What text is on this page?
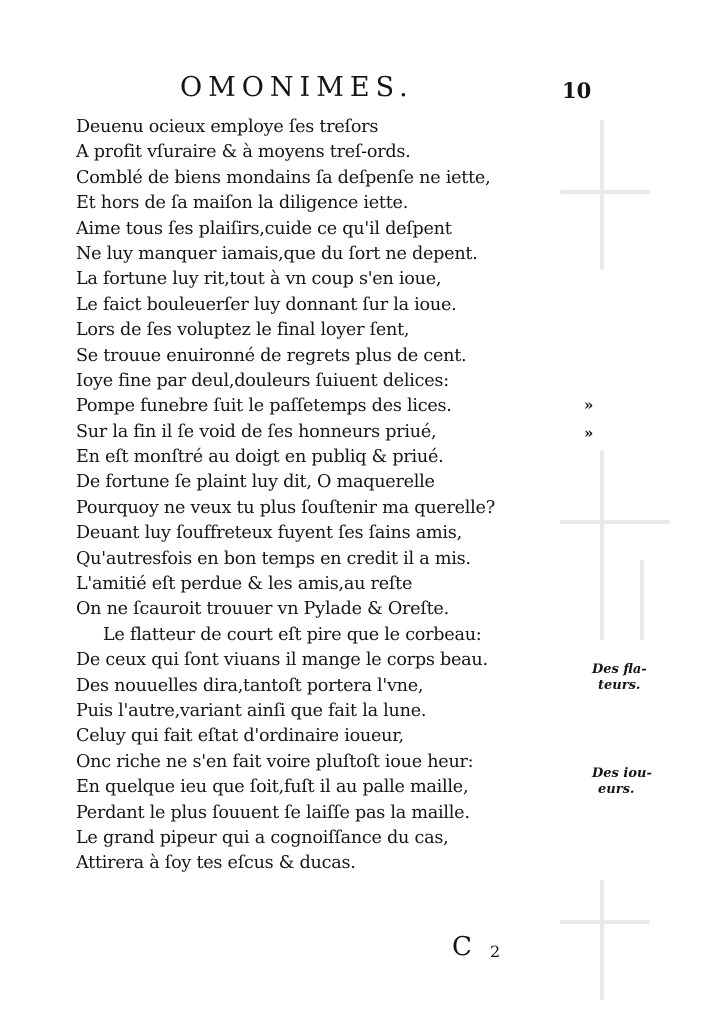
OMONIMES.	10
Deuenu ocieux employe ſes treſors
A profit vſuraire & à moyens treſ-ords.
Comblé de biens mondains ſa deſpenſe ne iette,
Et hors de ſa maiſon la diligence iette.
Aime tous ſes plaiſirs,cuide ce qu'il deſpent
Ne luy manquer iamais,que du ſort ne depent.
La fortune luy rit,tout à vn coup s'en ioue,
Le faict bouleuerſer luy donnant ſur la ioue.
Lors de ſes voluptez le final loyer ſent,
Se trouue enuironné de regrets plus de cent.
Ioye fine par deul,douleurs ſuiuent delices:
Pompe funebre ſuit le paſſetemps des lices.
Sur la fin il ſe void de ſes honneurs priué,
En eſt monſtré au doigt en publiq & priué.
De fortune ſe plaint luy dit, O maquerelle
Pourquoy ne veux tu plus ſouſtenir ma querelle?
Deuant luy ſouffreteux fuyent ſes ſains amis,
Qu'autresfois en bon temps en credit il a mis.
L'amitié eſt perdue & les amis,au reſte
On ne ſcauroit trouuer vn Pylade & Oreſte.
Le flatteur de court eſt pire que le corbeau:
De ceux qui ſont viuans il mange le corps beau.
Des nouuelles dira,tantoſt portera l'vne,
Puis l'autre,variant ainſi que fait la lune.
Celuy qui fait eſtat d'ordinaire ioueur,
Onc riche ne s'en fait voire pluſtoſt ioue heur:
En quelque ieu que ſoit,fuſt il au palle maille,
Perdant le plus ſouuent ſe laiſſe pas la maille.
Le grand pipeur qui a cognoiſſance du cas,
Attirera à ſoy tes eſcus & ducas.
»
»
Des fla-
teurs.
Des iou-
eurs.
C 2
